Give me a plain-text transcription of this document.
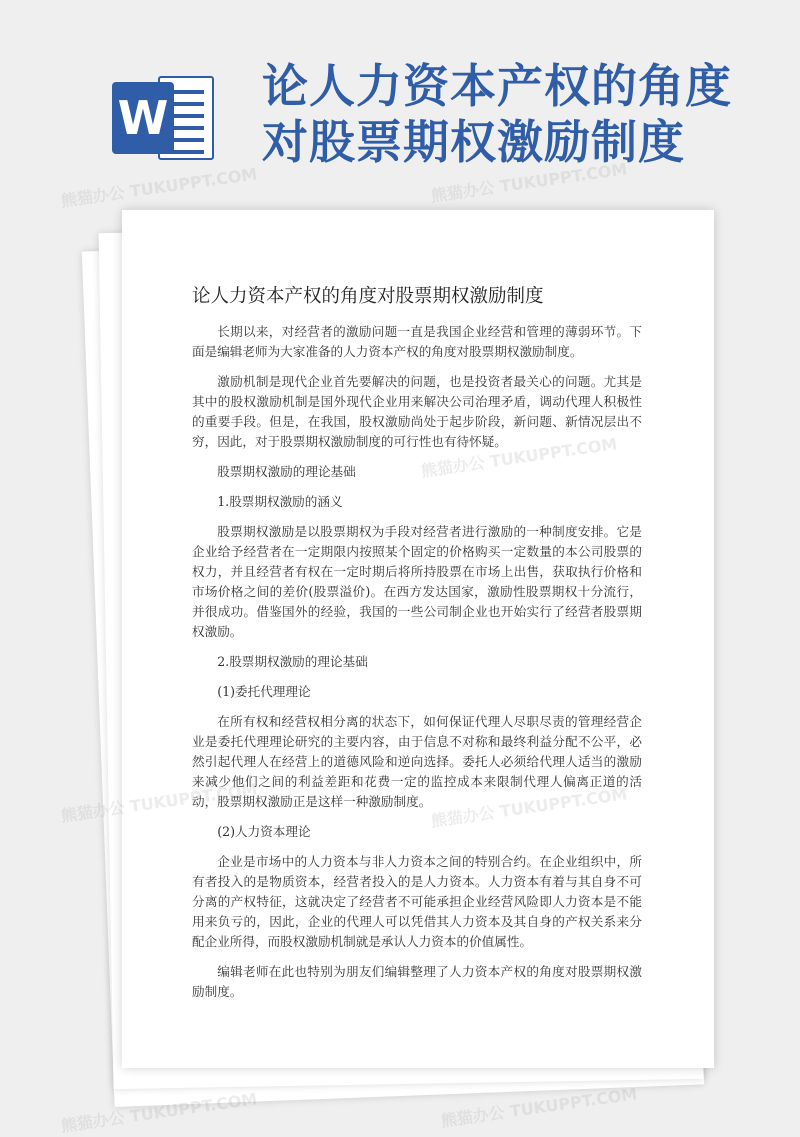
W
论人力资本产权的角度
对股票期权激励制度
论人力资本产权的角度对股票期权激励制度

长期以来，对经营者的激励问题一直是我国企业经营和管理的薄弱环节。下面是编辑老师为大家准备的人力资本产权的角度对股票期权激励制度。

激励机制是现代企业首先要解决的问题，也是投资者最关心的问题。尤其是其中的股权激励机制是国外现代企业用来解决公司治理矛盾，调动代理人积极性的重要手段。但是，在我国，股权激励尚处于起步阶段，新问题、新情况层出不穷，因此，对于股票期权激励制度的可行性也有待怀疑。

股票期权激励的理论基础

1.股票期权激励的涵义

股票期权激励是以股票期权为手段对经营者进行激励的一种制度安排。它是企业给予经营者在一定期限内按照某个固定的价格购买一定数量的本公司股票的权力，并且经营者有权在一定时期后将所持股票在市场上出售，获取执行价格和市场价格之间的差价(股票溢价)。在西方发达国家，激励性股票期权十分流行，并很成功。借鉴国外的经验，我国的一些公司制企业也开始实行了经营者股票期权激励。

2.股票期权激励的理论基础

(1)委托代理理论

在所有权和经营权相分离的状态下，如何保证代理人尽职尽责的管理经营企业是委托代理理论研究的主要内容，由于信息不对称和最终利益分配不公平，必然引起代理人在经营上的道德风险和逆向选择。委托人必须给代理人适当的激励来减少他们之间的利益差距和花费一定的监控成本来限制代理人偏离正道的活动，股票期权激励正是这样一种激励制度。

(2)人力资本理论

企业是市场中的人力资本与非人力资本之间的特别合约。在企业组织中，所有者投入的是物质资本，经营者投入的是人力资本。人力资本有着与其自身不可分离的产权特征，这就决定了经营者不可能承担企业经营风险即人力资本是不能用来负亏的，因此，企业的代理人可以凭借其人力资本及其自身的产权关系来分配企业所得，而股权激励机制就是承认人力资本的价值属性。

编辑老师在此也特别为朋友们编辑整理了人力资本产权的角度对股票期权激励制度。

熊猫办公 TUKUPPT.COM	熊猫办公 TUKUPPT.COM
熊猫办公
熊猫办公 TUKUPPT.COM	熊猫办公 TUKUPPT.COM
